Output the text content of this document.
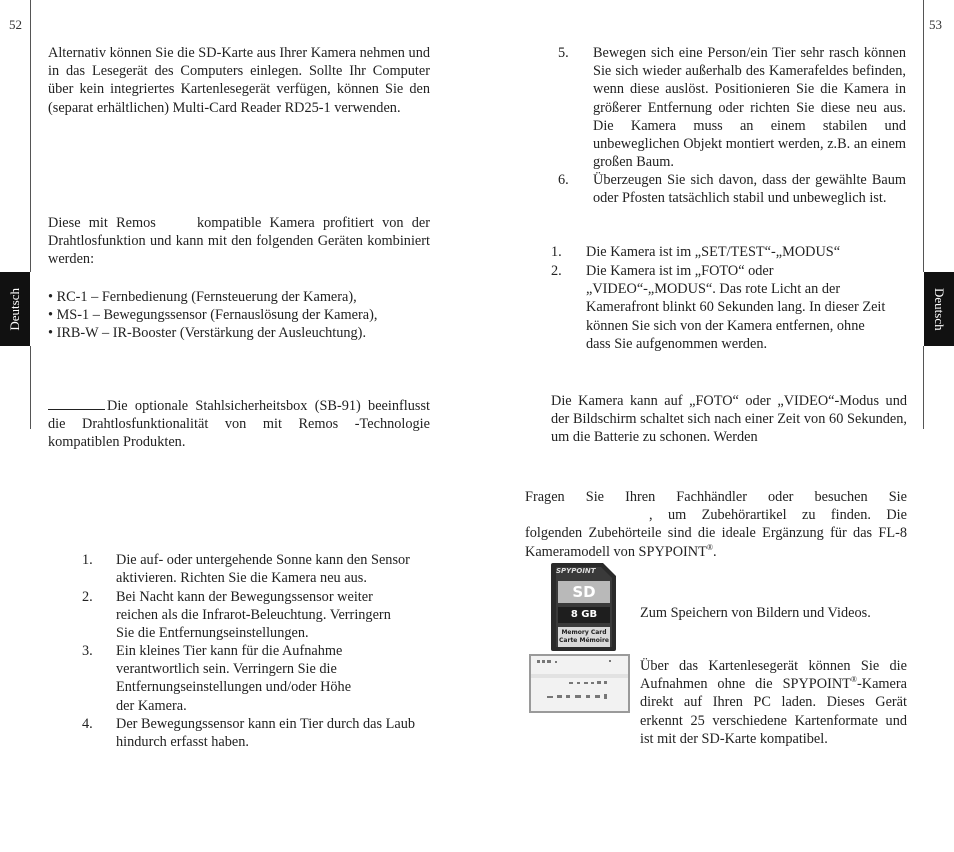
52
Deutsch
Alternativ können Sie die SD-Karte aus Ihrer Kamera nehmen und in das Lesegerät des Computers einlegen. Sollte Ihr Computer über kein integriertes Kartenlesegerät verfügen, können Sie den (separat erhältlichen) Multi-Card Reader RD25-1 verwenden.
Diese mit Remos	kompatible Kamera profitiert von der Drahtlosfunktion und kann mit den folgenden Geräten kombiniert werden:
• RC-1 – Fernbedienung (Fernsteuerung der Kamera),
• MS-1 – Bewegungssensor (Fernauslösung der Kamera),
• IRB-W – IR-Booster (Verstärkung der Ausleuchtung).
Die optionale Stahlsicherheitsbox (SB-91) beeinflusst
die Drahtlosfunktionalität von mit Remos -Technologie kompatiblen Produkten.
1. Die auf- oder untergehende Sonne kann den Sensor
aktivieren. Richten Sie die Kamera neu aus.
2. Bei Nacht kann der Bewegungssensor weiter
reichen als die Infrarot-Beleuchtung. Verringern
Sie die Entfernungseinstellungen.
3. Ein kleines Tier kann für die Aufnahme
verantwortlich sein. Verringern Sie die
Entfernungseinstellungen und/oder Höhe
der Kamera.
4. Der Bewegungssensor kann ein Tier durch das Laub
hindurch erfasst haben.
53
Deutsch
5. Bewegen sich eine Person/ein Tier sehr rasch können Sie sich wieder außerhalb des Kamerafeldes befinden, wenn diese auslöst. Positionieren Sie die Kamera in größerer Entfernung oder richten Sie diese neu aus. Die Kamera muss an einem stabilen und unbeweglichen Objekt montiert werden, z.B. an einem großen Baum.
6. Überzeugen Sie sich davon, dass der gewählte Baum oder Pfosten tatsächlich stabil und unbeweglich ist.
1. Die Kamera ist im „SET/TEST“-„MODUS“
2. Die Kamera ist im „FOTO“ oder
„VIDEO“-„MODUS“. Das rote Licht an der
Kamerafront blinkt 60 Sekunden lang. In dieser Zeit
können Sie sich von der Kamera entfernen, ohne
dass Sie aufgenommen werden.
Die Kamera kann auf „FOTO“ oder „VIDEO“-Modus und der Bildschirm schaltet sich nach einer Zeit von 60 Sekunden, um die Batterie zu schonen. Werden
Fragen Sie Ihren Fachhändler oder besuchen Sie
, um Zubehörartikel zu finden. Die
folgenden Zubehörteile sind die ideale Ergänzung für das FL-8
Kameramodell von SPYPOINT®.
SD
SPYPOINT
8 GB
Memory Card
Carte Mémoire
Zum Speichern von Bildern und Videos.
Über das Kartenlesegerät können Sie die
Aufnahmen ohne die SPYPOINT®-Kamera
direkt auf Ihren PC laden. Dieses Gerät erkennt 25 verschiedene Kartenformate und ist mit der SD-Karte kompatibel.
